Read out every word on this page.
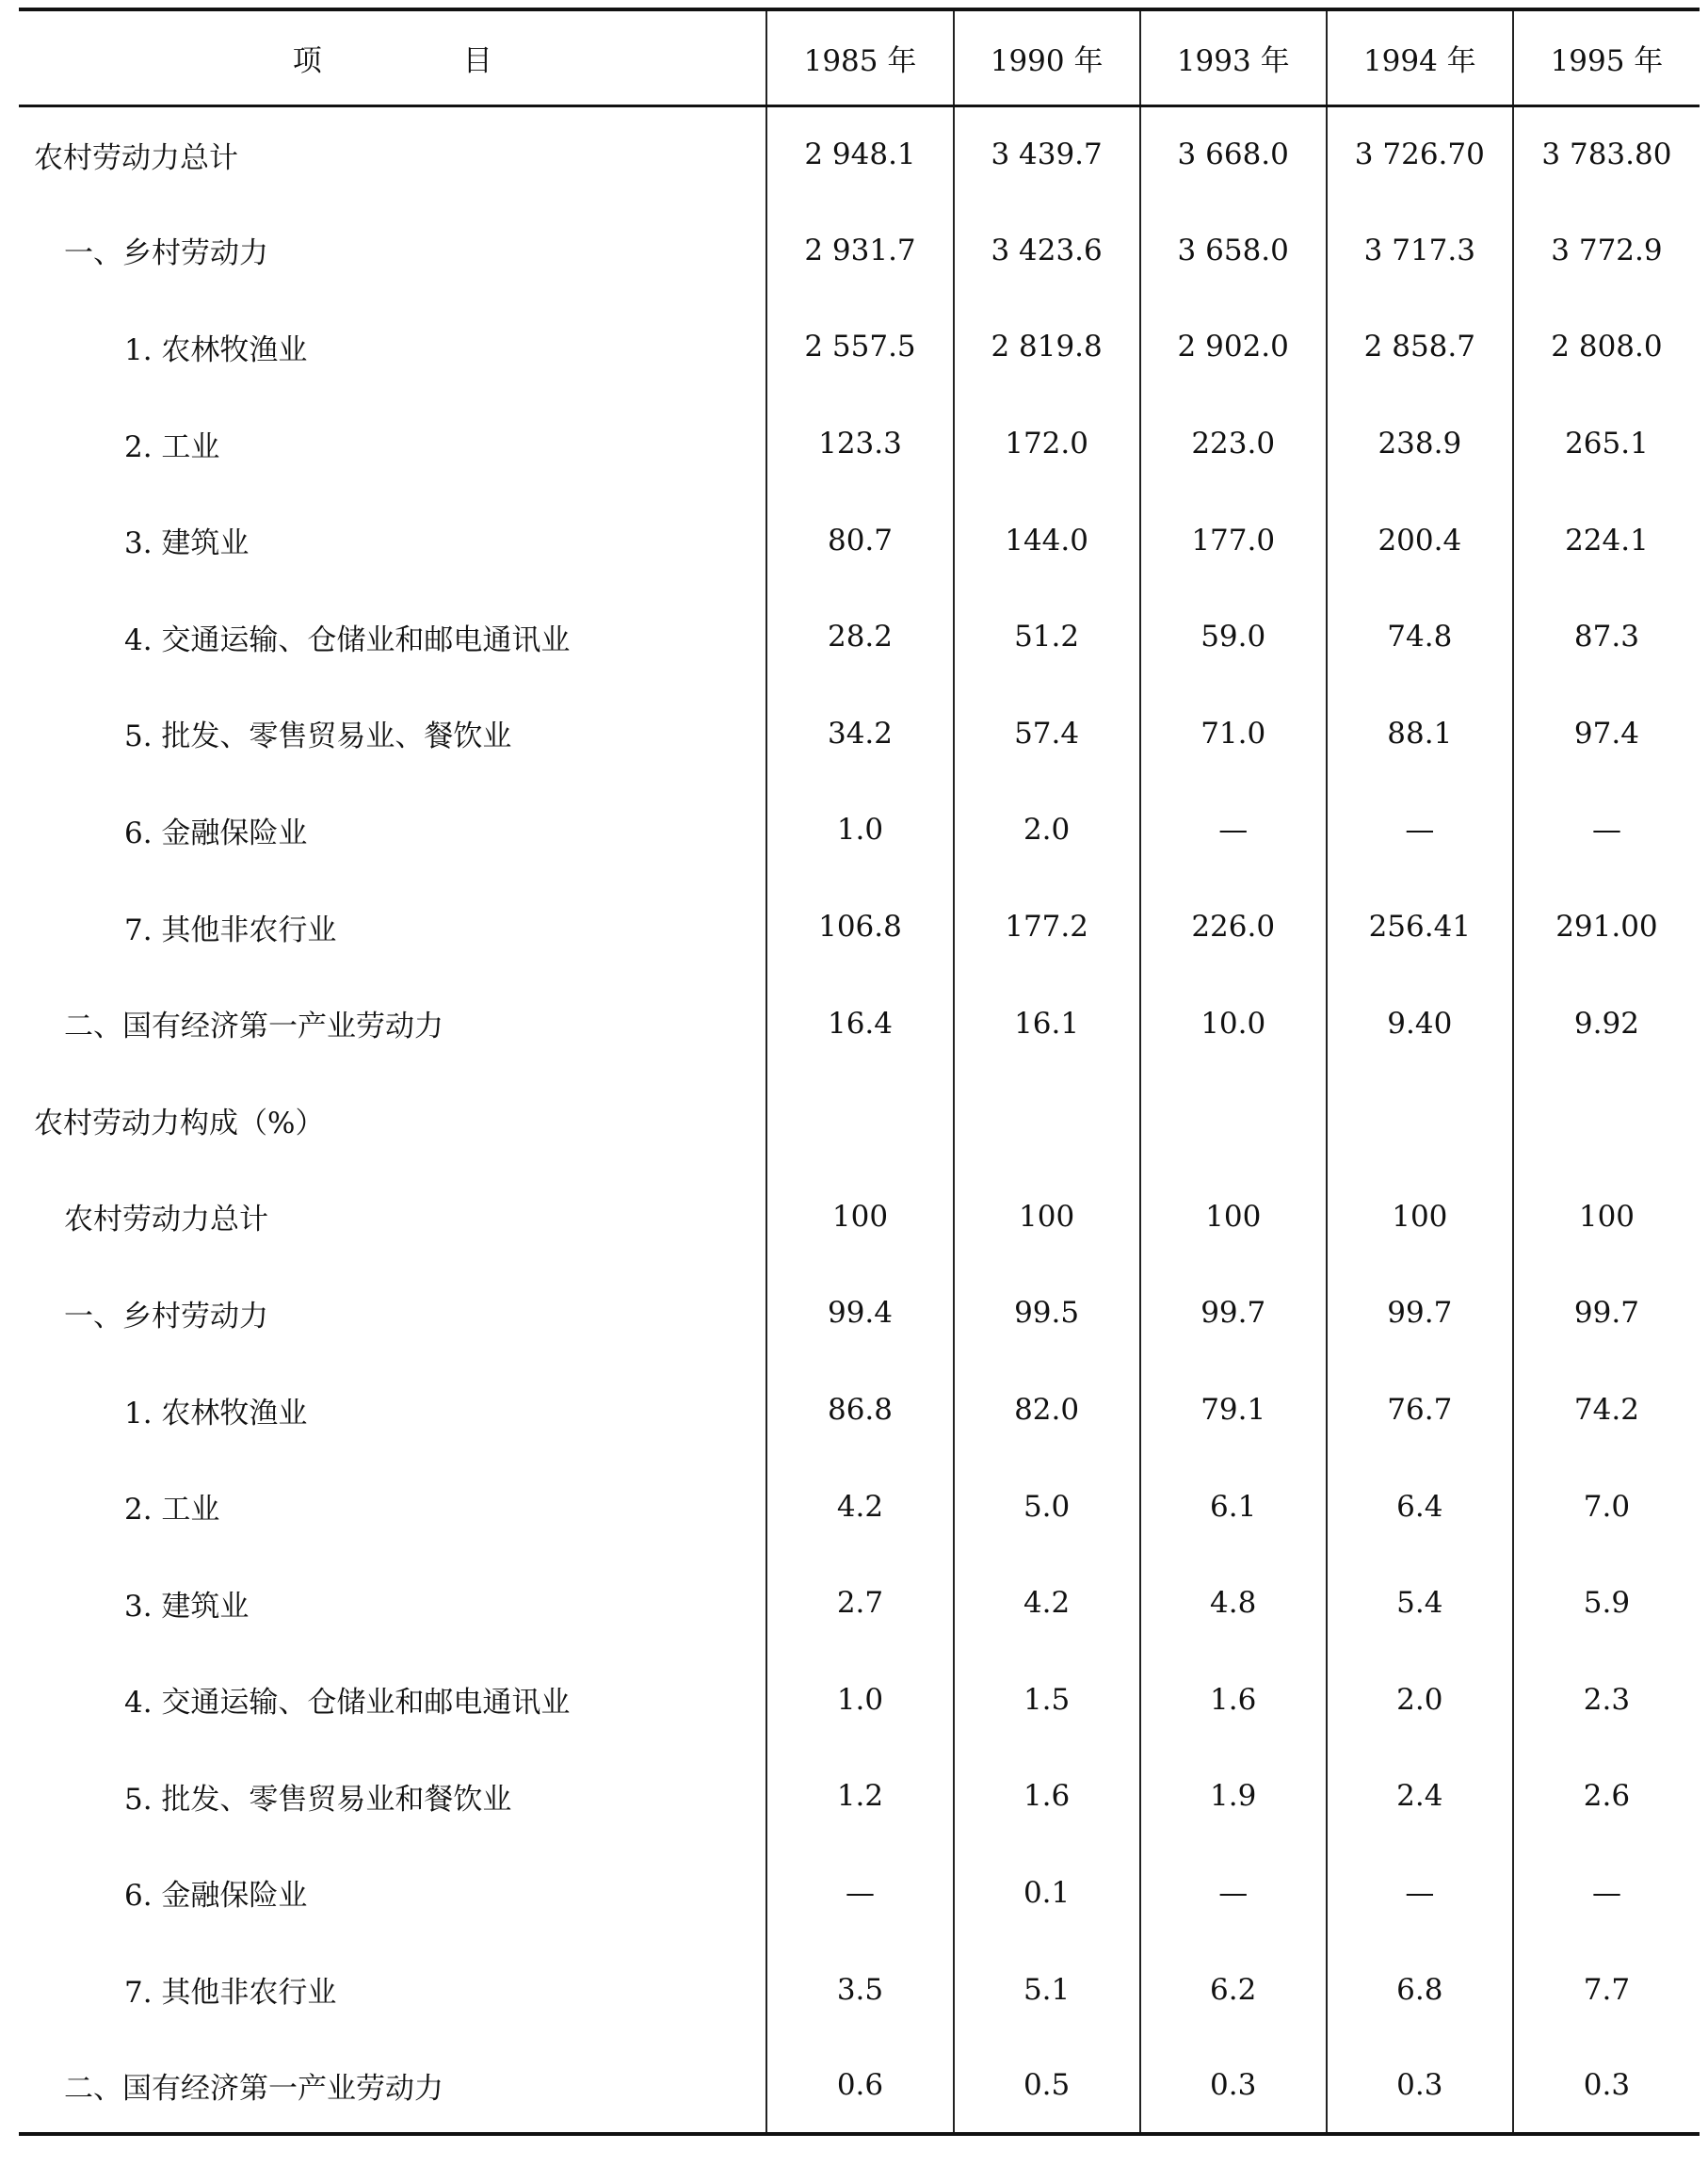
项 目	1985 年	1990 年	1993 年	1994 年	1995 年
农村劳动力总计	2 948.1	3 439.7	3 668.0	3 726.70	3 783.80
一、乡村劳动力	2 931.7	3 423.6	3 658.0	3 717.3	3 772.9
1. 农林牧渔业	2 557.5	2 819.8	2 902.0	2 858.7	2 808.0
2. 工业	123.3	172.0	223.0	238.9	265.1
3. 建筑业	80.7	144.0	177.0	200.4	224.1
4. 交通运输、仓储业和邮电通讯业	28.2	51.2	59.0	74.8	87.3
5. 批发、零售贸易业、餐饮业	34.2	57.4	71.0	88.1	97.4
6. 金融保险业	1.0	2.0	—	—	—
7. 其他非农行业	106.8	177.2	226.0	256.41	291.00
二、国有经济第一产业劳动力	16.4	16.1	10.0	9.40	9.92
农村劳动力构成（%）					
农村劳动力总计	100	100	100	100	100
一、乡村劳动力	99.4	99.5	99.7	99.7	99.7
1. 农林牧渔业	86.8	82.0	79.1	76.7	74.2
2. 工业	4.2	5.0	6.1	6.4	7.0
3. 建筑业	2.7	4.2	4.8	5.4	5.9
4. 交通运输、仓储业和邮电通讯业	1.0	1.5	1.6	2.0	2.3
5. 批发、零售贸易业和餐饮业	1.2	1.6	1.9	2.4	2.6
6. 金融保险业	—	0.1	—	—	—
7. 其他非农行业	3.5	5.1	6.2	6.8	7.7
二、国有经济第一产业劳动力	0.6	0.5	0.3	0.3	0.3
